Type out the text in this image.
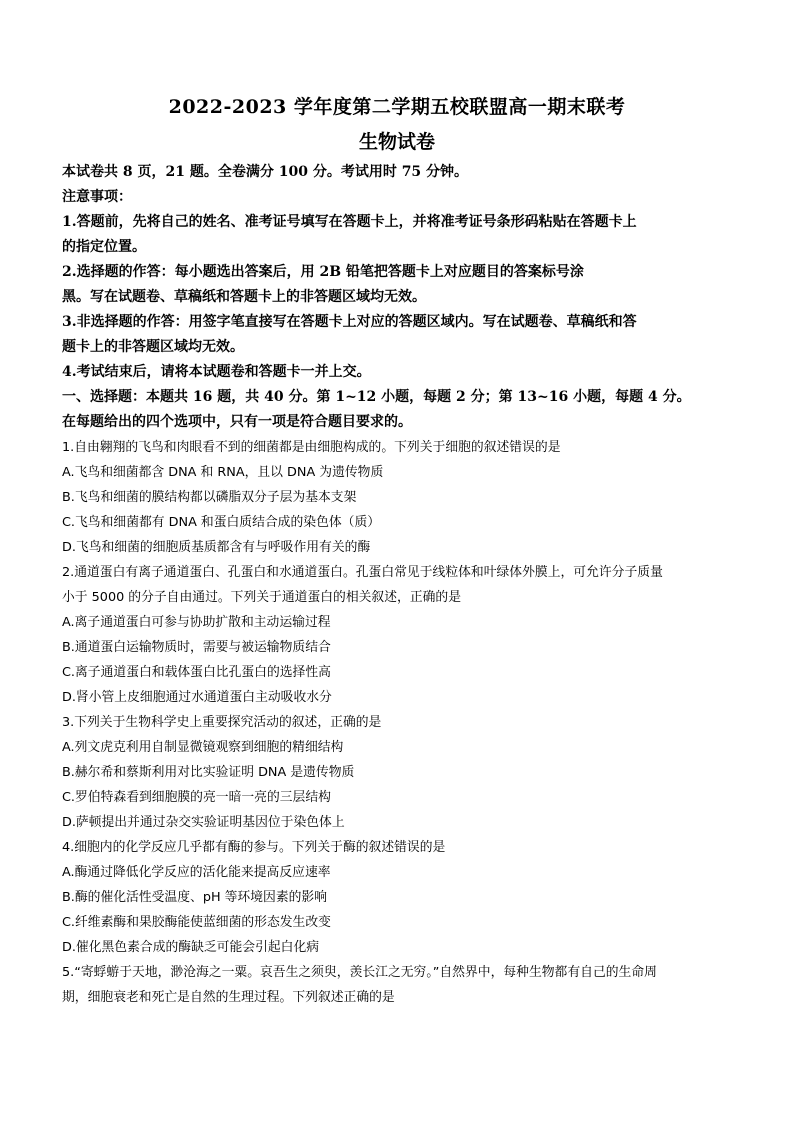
2022-2023 学年度第二学期五校联盟高一期末联考
生物试卷

本试卷共 8 页，21 题。全卷满分 100 分。考试用时 75 分钟。

注意事项：

1.答题前，先将自己的姓名、准考证号填写在答题卡上，并将准考证号条形码粘贴在答题卡上

的指定位置。

2.选择题的作答：每小题选出答案后，用 2B 铅笔把答题卡上对应题目的答案标号涂

黑。写在试题卷、草稿纸和答题卡上的非答题区域均无效。

3.非选择题的作答：用签字笔直接写在答题卡上对应的答题区域内。写在试题卷、草稿纸和答

题卡上的非答题区域均无效。

4.考试结束后，请将本试题卷和答题卡一并上交。

一、选择题：本题共 16 题，共 40 分。第 1~12 小题，每题 2 分；第 13~16 小题，每题 4 分。

在每题给出的四个选项中，只有一项是符合题目要求的。

1.自由翱翔的飞鸟和肉眼看不到的细菌都是由细胞构成的。下列关于细胞的叙述错误的是

A.飞鸟和细菌都含 DNA 和 RNA，且以 DNA 为遗传物质

B.飞鸟和细菌的膜结构都以磷脂双分子层为基本支架

C.飞鸟和细菌都有 DNA 和蛋白质结合成的染色体（质）

D.飞鸟和细菌的细胞质基质都含有与呼吸作用有关的酶

2.通道蛋白有离子通道蛋白、孔蛋白和水通道蛋白。孔蛋白常见于线粒体和叶绿体外膜上，可允许分子质量

小于 5000 的分子自由通过。下列关于通道蛋白的相关叙述，正确的是

A.离子通道蛋白可参与协助扩散和主动运输过程

B.通道蛋白运输物质时，需要与被运输物质结合

C.离子通道蛋白和载体蛋白比孔蛋白的选择性高

D.肾小管上皮细胞通过水通道蛋白主动吸收水分

3.下列关于生物科学史上重要探究活动的叙述，正确的是

A.列文虎克利用自制显微镜观察到细胞的精细结构

B.赫尔希和蔡斯利用对比实验证明 DNA 是遗传物质

C.罗伯特森看到细胞膜的亮一暗一亮的三层结构

D.萨顿提出并通过杂交实验证明基因位于染色体上

4.细胞内的化学反应几乎都有酶的参与。下列关于酶的叙述错误的是

A.酶通过降低化学反应的活化能来提高反应速率

B.酶的催化活性受温度、pH 等环境因素的影响

C.纤维素酶和果胶酶能使蓝细菌的形态发生改变

D.催化黑色素合成的酶缺乏可能会引起白化病

5.“寄蜉蝣于天地，渺沧海之一粟。哀吾生之须臾，羡长江之无穷。”自然界中，每种生物都有自己的生命周

期，细胞衰老和死亡是自然的生理过程。下列叙述正确的是
